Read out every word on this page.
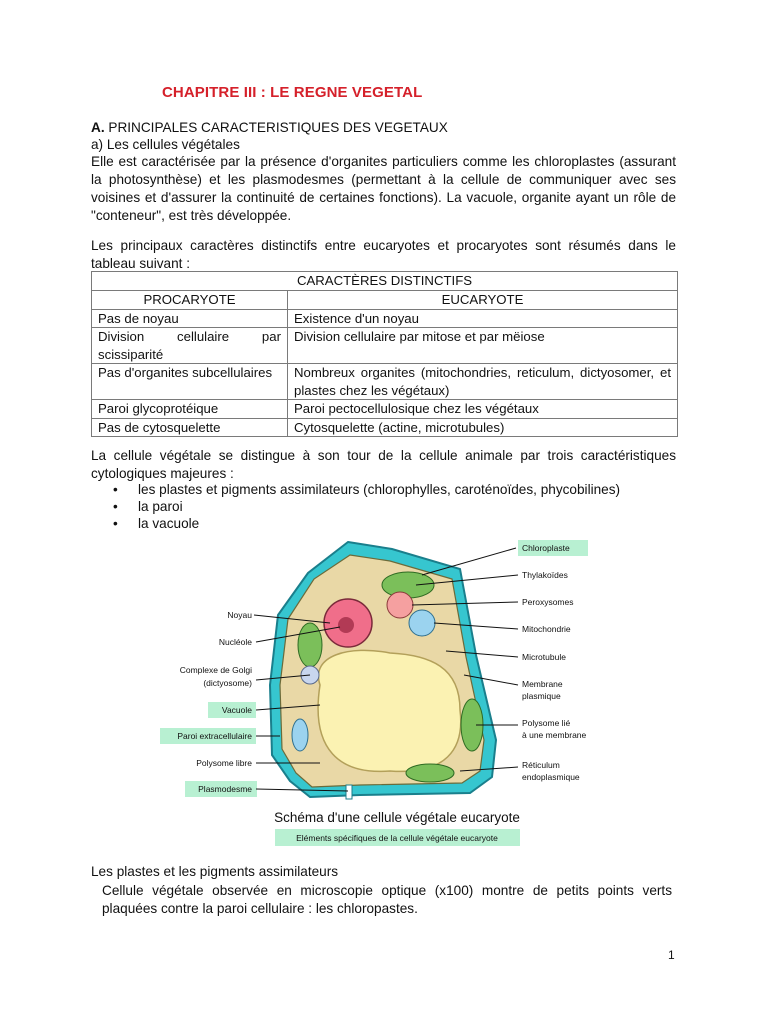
CHAPITRE III : LE REGNE VEGETAL
A. PRINCIPALES CARACTERISTIQUES DES VEGETAUX
a) Les cellules végétales
Elle est caractérisée par la présence d'organites particuliers comme les chloroplastes (assurant la photosynthèse) et les plasmodesmes (permettant à la cellule de communiquer avec ses voisines et d'assurer la continuité de certaines fonctions). La vacuole, organite ayant un rôle de "conteneur", est très développée.
Les principaux caractères distinctifs entre eucaryotes et procaryotes sont résumés dans le tableau suivant :
CARACTÈRES DISTINCTIFS	
PROCARYOTE	EUCARYOTE
Pas de noyau	Existence d'un noyau
Division cellulaire par scissiparité	Division cellulaire par mitose et par mëiose
Pas d'organites subcellulaires	Nombreux organites (mitochondries, reticulum, dictyosomer, et plastes chez les végétaux)
Paroi glycoprotéique	Paroi pectocellulosique chez les végétaux
Pas de cytosquelette	Cytosquelette (actine, microtubules)
La cellule végétale se distingue à son tour de la cellule animale par trois caractéristiques cytologiques majeures :
• les plastes et pigments assimilateurs (chlorophylles, caroténoïdes, phycobilines)
• la paroi
• la vacuole
Noyau
Nucléole
Complexe de Golgi
(dictyosome)
Vacuole
Paroi extracellulaire
Polysome libre
Plasmodesme
Chloroplaste
Thylakoïdes
Peroxysomes
Mitochondrie
Microtubule
Membrane
plasmique
Polysome lié
à une membrane
Réticulum
endoplasmique
Schéma d'une cellule végétale eucaryote
Eléments spécifiques de la cellule végétale eucaryote
Les plastes et les pigments assimilateurs
Cellule végétale observée en microscopie optique (x100) montre de petits points verts plaquées contre la paroi cellulaire : les chloropastes.
1
